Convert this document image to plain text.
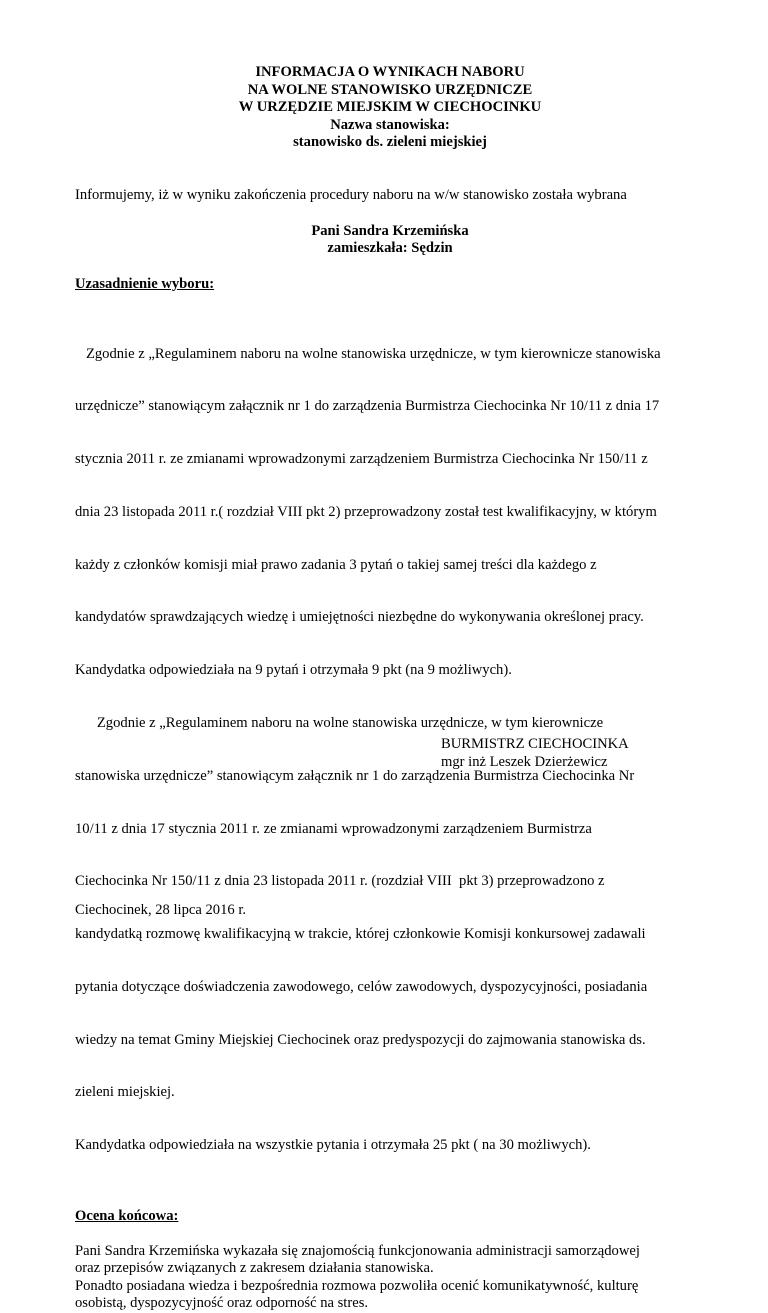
INFORMACJA O WYNIKACH NABORU
NA WOLNE STANOWISKO URZĘDNICZE
W URZĘDZIE MIEJSKIM W CIECHOCINKU
Nazwa stanowiska:
stanowisko ds. zieleni miejskiej

Informujemy, iż w wyniku zakończenia procedury naboru na w/w stanowisko została wybrana

Pani Sandra Krzemińska
zamieszkała: Sędzin

Uzasadnienie wyboru:

Zgodnie z „Regulaminem naboru na wolne stanowiska urzędnicze, w tym kierownicze stanowiska

urzędnicze” stanowiącym załącznik nr 1 do zarządzenia Burmistrza Ciechocinka Nr 10/11 z dnia 17

stycznia 2011 r. ze zmianami wprowadzonymi zarządzeniem Burmistrza Ciechocinka Nr 150/11 z

dnia 23 listopada 2011 r.( rozdział VIII pkt 2) przeprowadzony został test kwalifikacyjny, w którym

każdy z członków komisji miał prawo zadania 3 pytań o takiej samej treści dla każdego z

kandydatów sprawdzających wiedzę i umiejętności niezbędne do wykonywania określonej pracy.

Kandydatka odpowiedziała na 9 pytań i otrzymała 9 pkt (na 9 możliwych).

Zgodnie z „Regulaminem naboru na wolne stanowiska urzędnicze, w tym kierownicze

stanowiska urzędnicze” stanowiącym załącznik nr 1 do zarządzenia Burmistrza Ciechocinka Nr

10/11 z dnia 17 stycznia 2011 r. ze zmianami wprowadzonymi zarządzeniem Burmistrza

Ciechocinka Nr 150/11 z dnia 23 listopada 2011 r. (rozdział VIII  pkt 3) przeprowadzono z

kandydatką rozmowę kwalifikacyjną w trakcie, której członkowie Komisji konkursowej zadawali

pytania dotyczące doświadczenia zawodowego, celów zawodowych, dyspozycyjności, posiadania

wiedzy na temat Gminy Miejskiej Ciechocinek oraz predyspozycji do zajmowania stanowiska ds.

zieleni miejskiej.

Kandydatka odpowiedziała na wszystkie pytania i otrzymała 25 pkt ( na 30 możliwych).

Ocena końcowa:

Pani Sandra Krzemińska wykazała się znajomością funkcjonowania administracji samorządowej
oraz przepisów związanych z zakresem działania stanowiska.
Ponadto posiadana wiedza i bezpośrednia rozmowa pozwoliła ocenić komunikatywność, kulturę
osobistą, dyspozycyjność oraz odporność na stres.
BURMISTRZ CIECHOCINKA
mgr inż Leszek Dzierżewicz
Ciechocinek, 28 lipca 2016 r.
